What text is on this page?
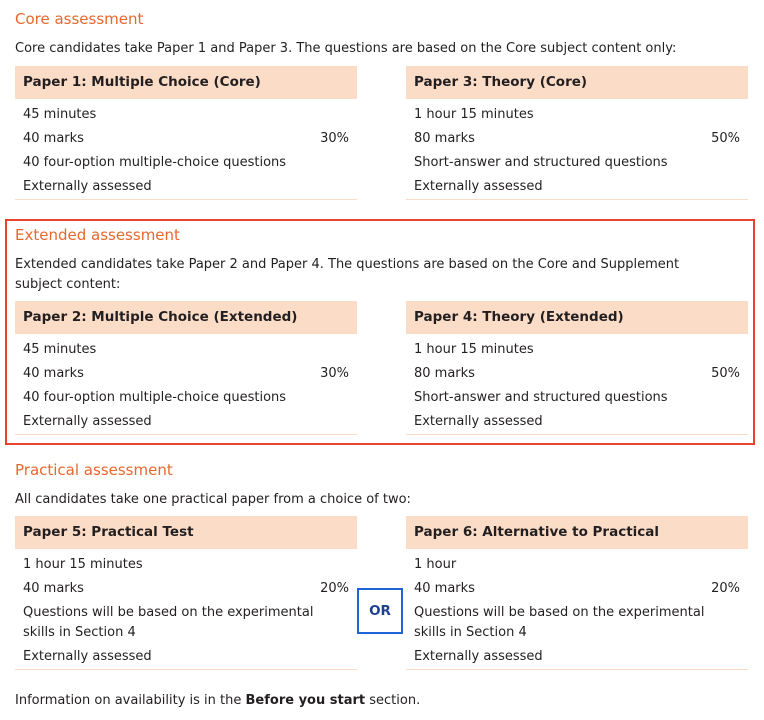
Core assessment
Core candidates take Paper 1 and Paper 3. The questions are based on the Core subject content only:
Paper 1: Multiple Choice (Core)
45 minutes
40 marks	30%
40 four-option multiple-choice questions
Externally assessed
Paper 3: Theory (Core)
1 hour 15 minutes
80 marks	50%
Short-answer and structured questions
Externally assessed
Extended assessment
Extended candidates take Paper 2 and Paper 4. The questions are based on the Core and Supplement subject content:
Paper 2: Multiple Choice (Extended)
45 minutes
40 marks	30%
40 four-option multiple-choice questions
Externally assessed
Paper 4: Theory (Extended)
1 hour 15 minutes
80 marks	50%
Short-answer and structured questions
Externally assessed
Practical assessment
All candidates take one practical paper from a choice of two:
Paper 5: Practical Test
1 hour 15 minutes
40 marks	20%
Questions will be based on the experimental skills in Section 4
Externally assessed
OR
Paper 6: Alternative to Practical
1 hour
40 marks	20%
Questions will be based on the experimental skills in Section 4
Externally assessed
Information on availability is in the Before you start section.
